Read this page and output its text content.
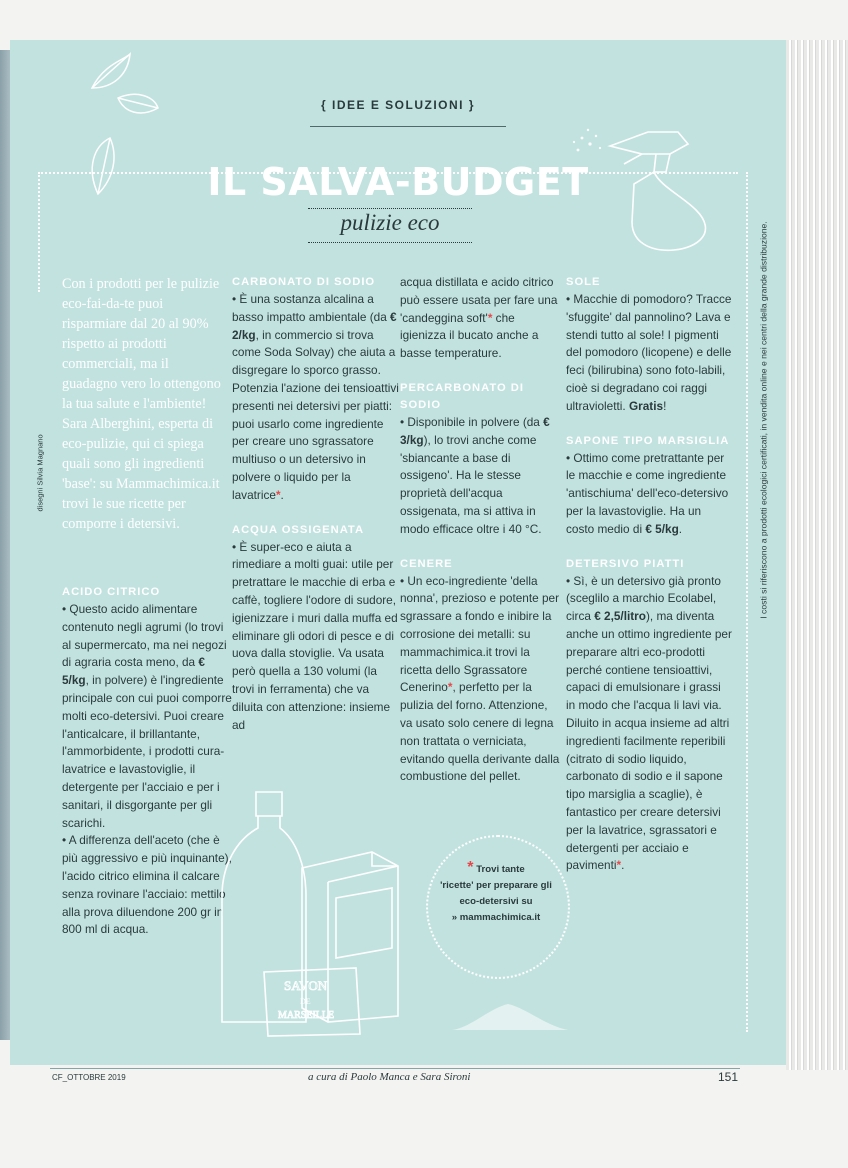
{ IDEE E SOLUZIONI }
IL SALVA-BUDGET
pulizie eco
Con i prodotti per le pulizie eco-fai-da-te puoi risparmiare dal 20 al 90% rispetto ai prodotti commerciali, ma il guadagno vero lo ottengono la tua salute e l'ambiente! Sara Alberghini, esperta di eco-pulizie, qui ci spiega quali sono gli ingredienti 'base': su Mammachimica.it trovi le sue ricette per comporre i detersivi.
disegni Silvia Magnano	I costi si riferiscono a prodotti ecologici certificati, in vendita online e nei centri della grande distribuzione.
ACIDO CITRICO

• Questo acido alimentare contenuto negli agrumi (lo trovi al supermercato, ma nei negozi di agraria costa meno, da € 5/kg, in polvere) è l'ingrediente principale con cui puoi comporre molti eco-detersivi. Puoi creare l'anticalcare, il brillantante, l'ammorbidente, i prodotti cura-lavatrice e lavastoviglie, il detergente per l'acciaio e per i sanitari, il disgorgante per gli scarichi.

• A differenza dell'aceto (che è più aggressivo e più inquinante), l'acido citrico elimina il calcare senza rovinare l'acciaio: mettilo alla prova diluendone 200 gr in 800 ml di acqua.

CARBONATO DI SODIO

• È una sostanza alcalina a basso impatto ambientale (da € 2/kg, in commercio si trova come Soda Solvay) che aiuta a disgregare lo sporco grasso. Potenzia l'azione dei tensioattivi presenti nei detersivi per piatti: puoi usarlo come ingrediente per creare uno sgrassatore multiuso o un detersivo in polvere o liquido per la lavatrice*.

ACQUA OSSIGENATA

• È super-eco e aiuta a rimediare a molti guai: utile per pretrattare le macchie di erba e caffè, togliere l'odore di sudore, igienizzare i muri dalla muffa ed eliminare gli odori di pesce e di uova dalla stoviglie. Va usata però quella a 130 volumi (la trovi in ferramenta) che va diluita con attenzione: insieme ad

acqua distillata e acido citrico può essere usata per fare una 'candeggina soft'* che igienizza il bucato anche a basse temperature.

PERCARBONATO DI SODIO

• Disponibile in polvere (da € 3/kg), lo trovi anche come 'sbiancante a base di ossigeno'. Ha le stesse proprietà dell'acqua ossigenata, ma si attiva in modo efficace oltre i 40 °C.

CENERE

• Un eco-ingrediente 'della nonna', prezioso e potente per sgrassare a fondo e inibire la corrosione dei metalli: su mammachimica.it trovi la ricetta dello Sgrassatore Cenerino*, perfetto per la pulizia del forno. Attenzione, va usato solo cenere di legna non trattata o verniciata, evitando quella derivante dalla combustione del pellet.

SOLE

• Macchie di pomodoro? Tracce 'sfuggite' dal pannolino? Lava e stendi tutto al sole! I pigmenti del pomodoro (licopene) e delle feci (bilirubina) sono foto-labili, cioè si degradano coi raggi ultravioletti. Gratis!

SAPONE TIPO MARSIGLIA

• Ottimo come pretrattante per le macchie e come ingrediente 'antischiuma' dell'eco-detersivo per la lavastoviglie. Ha un costo medio di € 5/kg.

DETERSIVO PIATTI

• Sì, è un detersivo già pronto (sceglilo a marchio Ecolabel, circa € 2,5/litro), ma diventa anche un ottimo ingrediente per preparare altri eco-prodotti perché contiene tensioattivi, capaci di emulsionare i grassi in modo che l'acqua li lavi via. Diluito in acqua insieme ad altri ingredienti facilmente reperibili (citrato di sodio liquido, carbonato di sodio e il sapone tipo marsiglia a scaglie), è fantastico per creare detersivi per la lavatrice, sgrassatori e detergenti per acciaio e pavimenti*.

SAVON
DE
MARSEILLE
* Trovi tante
'ricette' per preparare gli
eco-detersivi su
» mammachimica.it
CF_OTTOBRE 2019	a cura di Paolo Manca e Sara Sironi	151
